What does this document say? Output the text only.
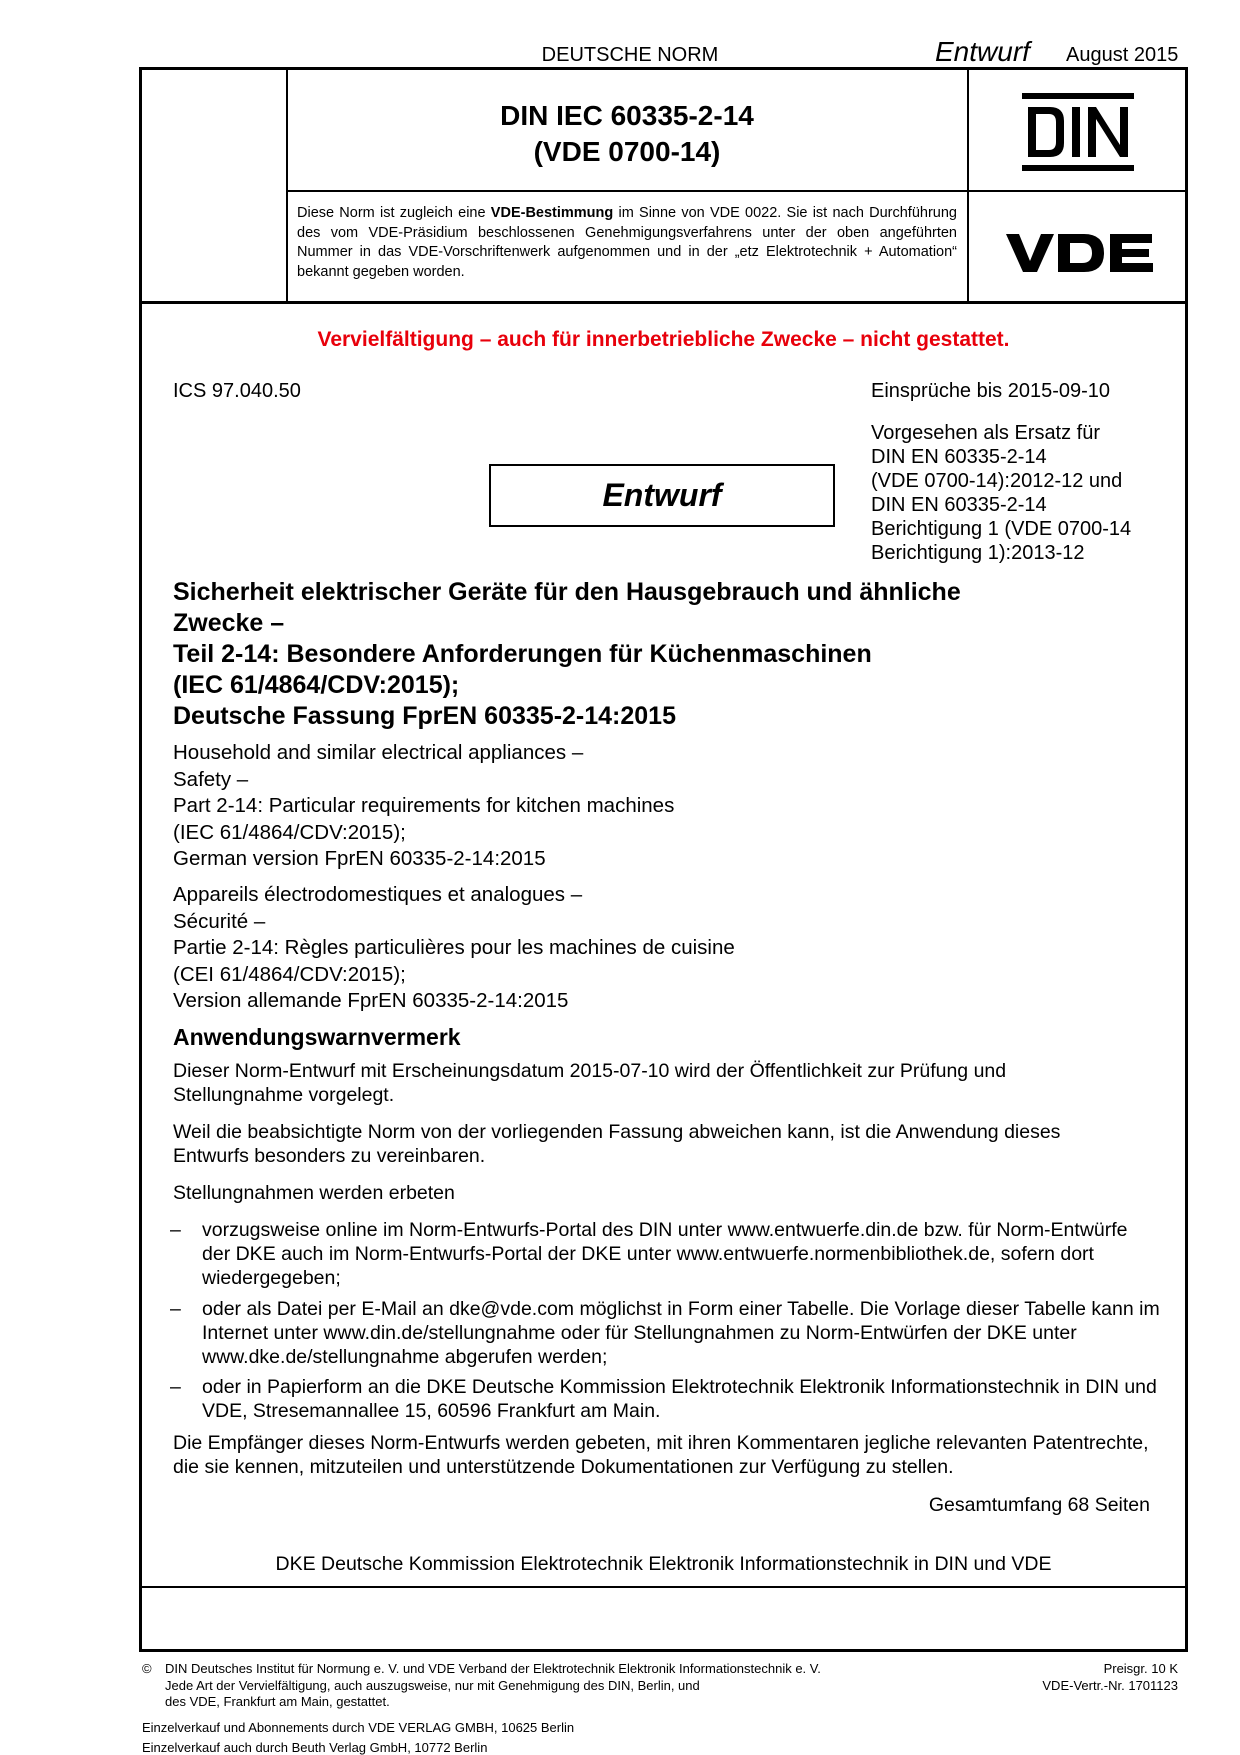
DEUTSCHE NORM	Entwurf August 2015
DIN IEC 60335-2-14
(VDE 0700-14)
Diese Norm ist zugleich eine VDE-Bestimmung im Sinne von VDE 0022. Sie ist nach Durchführung des vom VDE-Präsidium beschlossenen Genehmigungsverfahrens unter der oben angeführten Nummer in das VDE-Vorschriftenwerk aufgenommen und in der „etz Elektrotechnik + Automation“ bekannt gegeben worden.
Vervielfältigung – auch für innerbetriebliche Zwecke – nicht gestattet.
ICS 97.040.50	Einsprüche bis 2015-09-10
Vorgesehen als Ersatz für
DIN EN 60335-2-14
(VDE 0700-14):2012-12 und
DIN EN 60335-2-14
Berichtigung 1 (VDE 0700-14
Berichtigung 1):2013-12
Entwurf
Sicherheit elektrischer Geräte für den Hausgebrauch und ähnliche
Zwecke –
Teil 2-14: Besondere Anforderungen für Küchenmaschinen
(IEC 61/4864/CDV:2015);
Deutsche Fassung FprEN 60335-2-14:2015
Household and similar electrical appliances –
Safety –
Part 2-14: Particular requirements for kitchen machines
(IEC 61/4864/CDV:2015);
German version FprEN 60335-2-14:2015
Appareils électrodomestiques et analogues –
Sécurité –
Partie 2-14: Règles particulières pour les machines de cuisine
(CEI 61/4864/CDV:2015);
Version allemande FprEN 60335-2-14:2015
Anwendungswarnvermerk
Dieser Norm-Entwurf mit Erscheinungsdatum 2015-07-10 wird der Öffentlichkeit zur Prüfung und Stellungnahme vorgelegt.
Weil die beabsichtigte Norm von der vorliegenden Fassung abweichen kann, ist die Anwendung dieses Entwurfs besonders zu vereinbaren.
Stellungnahmen werden erbeten
–	vorzugsweise online im Norm-Entwurfs-Portal des DIN unter www.entwuerfe.din.de bzw. für Norm-Entwürfe der DKE auch im Norm-Entwurfs-Portal der DKE unter www.entwuerfe.normenbibliothek.de, sofern dort wiedergegeben;
–	oder als Datei per E-Mail an dke@vde.com möglichst in Form einer Tabelle. Die Vorlage dieser Tabelle kann im Internet unter www.din.de/stellungnahme oder für Stellungnahmen zu Norm-Entwürfen der DKE unter www.dke.de/stellungnahme abgerufen werden;
–	oder in Papierform an die DKE Deutsche Kommission Elektrotechnik Elektronik Informationstechnik in DIN und VDE, Stresemannallee 15, 60596 Frankfurt am Main.
Die Empfänger dieses Norm-Entwurfs werden gebeten, mit ihren Kommentaren jegliche relevanten Patentrechte, die sie kennen, mitzuteilen und unterstützende Dokumentationen zur Verfügung zu stellen.
Gesamtumfang 68 Seiten
DKE Deutsche Kommission Elektrotechnik Elektronik Informationstechnik in DIN und VDE
© DIN Deutsches Institut für Normung e. V. und VDE Verband der Elektrotechnik Elektronik Informationstechnik e. V.
Jede Art der Vervielfältigung, auch auszugsweise, nur mit Genehmigung des DIN, Berlin, und
des VDE, Frankfurt am Main, gestattet.
Preisgr. 10 K
VDE-Vertr.-Nr. 1701123
Einzelverkauf und Abonnements durch VDE VERLAG GMBH, 10625 Berlin
Einzelverkauf auch durch Beuth Verlag GmbH, 10772 Berlin
